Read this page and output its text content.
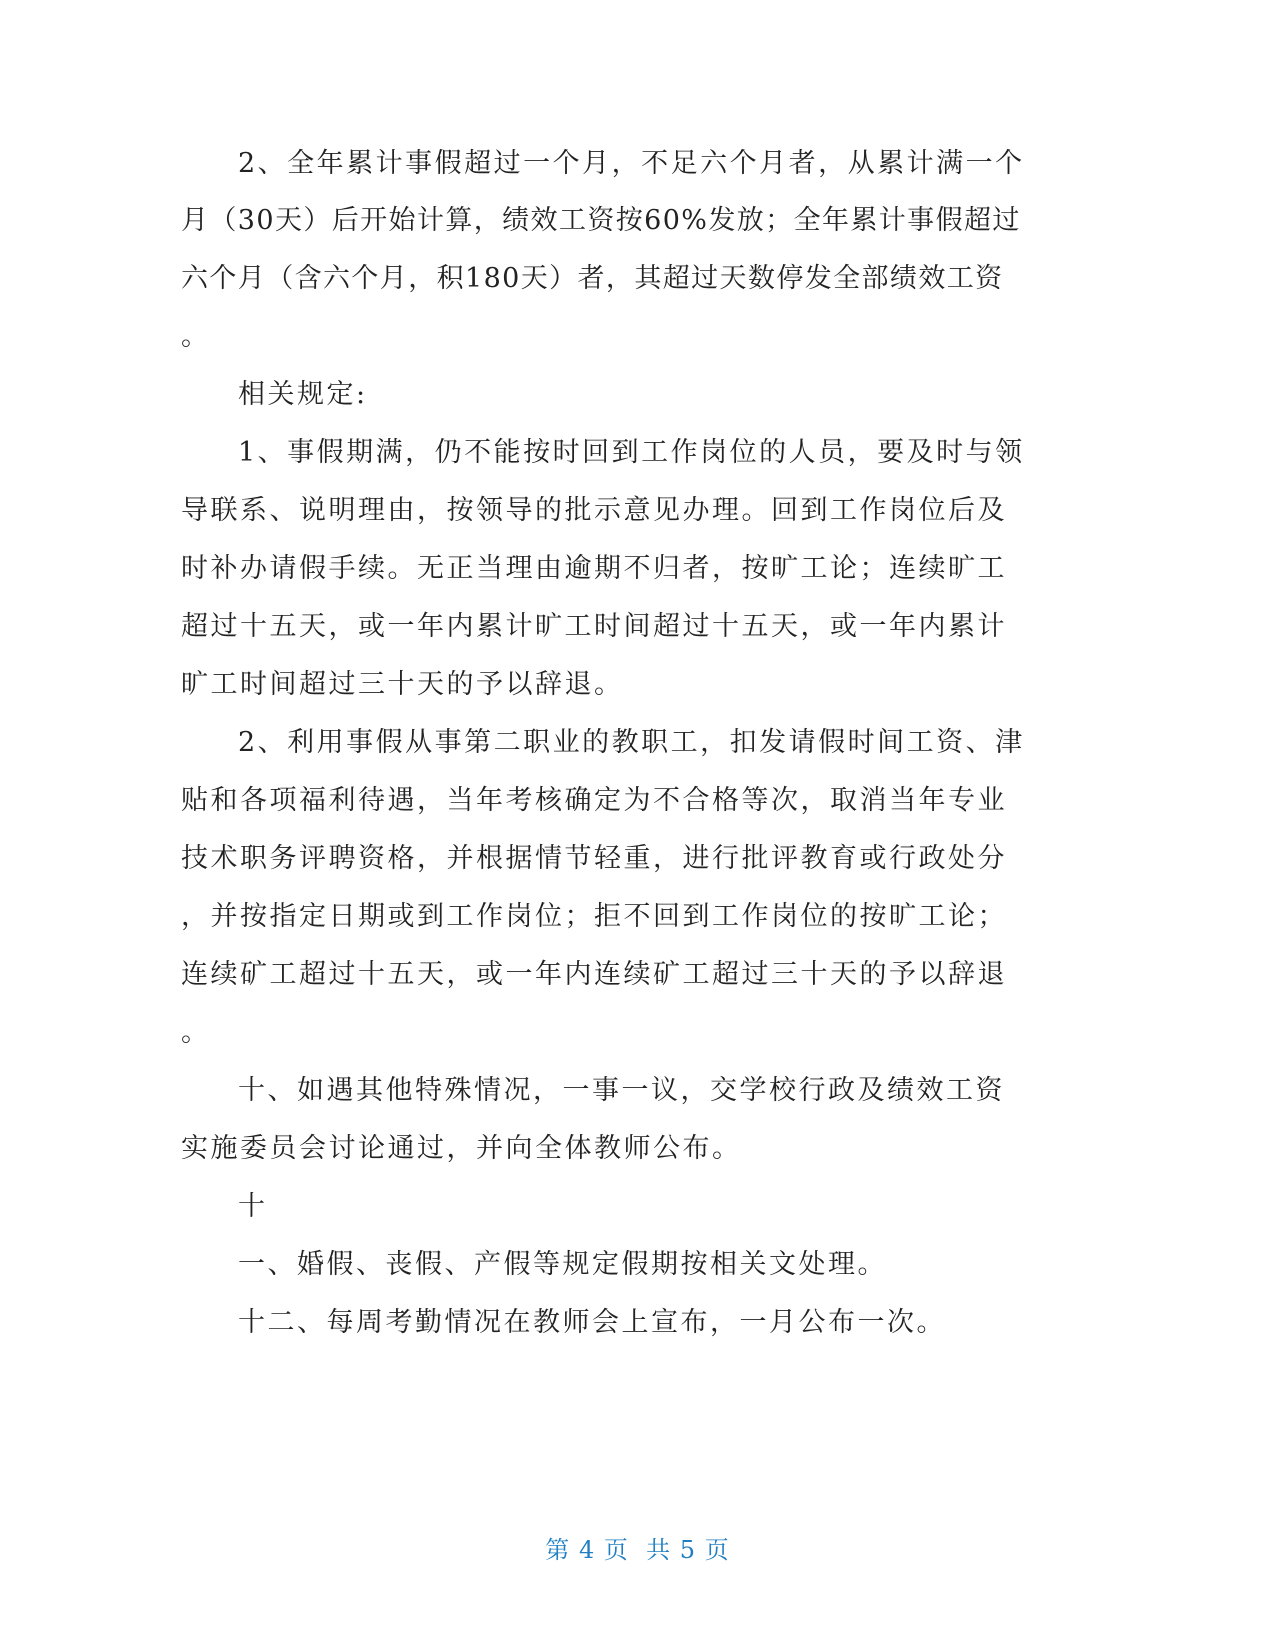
2、全年累计事假超过一个月，不足六个月者，从累计满一个
月（30天）后开始计算，绩效工资按60%发放；全年累计事假超过
六个月（含六个月，积180天）者，其超过天数停发全部绩效工资
。
相关规定:
1、事假期满，仍不能按时回到工作岗位的人员，要及时与领
导联系、说明理由，按领导的批示意见办理。回到工作岗位后及
时补办请假手续。无正当理由逾期不归者，按旷工论；连续旷工
超过十五天，或一年内累计旷工时间超过十五天，或一年内累计
旷工时间超过三十天的予以辞退。
2、利用事假从事第二职业的教职工，扣发请假时间工资、津
贴和各项福利待遇，当年考核确定为不合格等次，取消当年专业
技术职务评聘资格，并根据情节轻重，进行批评教育或行政处分
，并按指定日期或到工作岗位；拒不回到工作岗位的按旷工论；
连续矿工超过十五天，或一年内连续矿工超过三十天的予以辞退
。
十、如遇其他特殊情况，一事一议，交学校行政及绩效工资
实施委员会讨论通过，并向全体教师公布。
十
一、婚假、丧假、产假等规定假期按相关文处理。
十二、每周考勤情况在教师会上宣布，一月公布一次。
第 4 页  共 5 页
